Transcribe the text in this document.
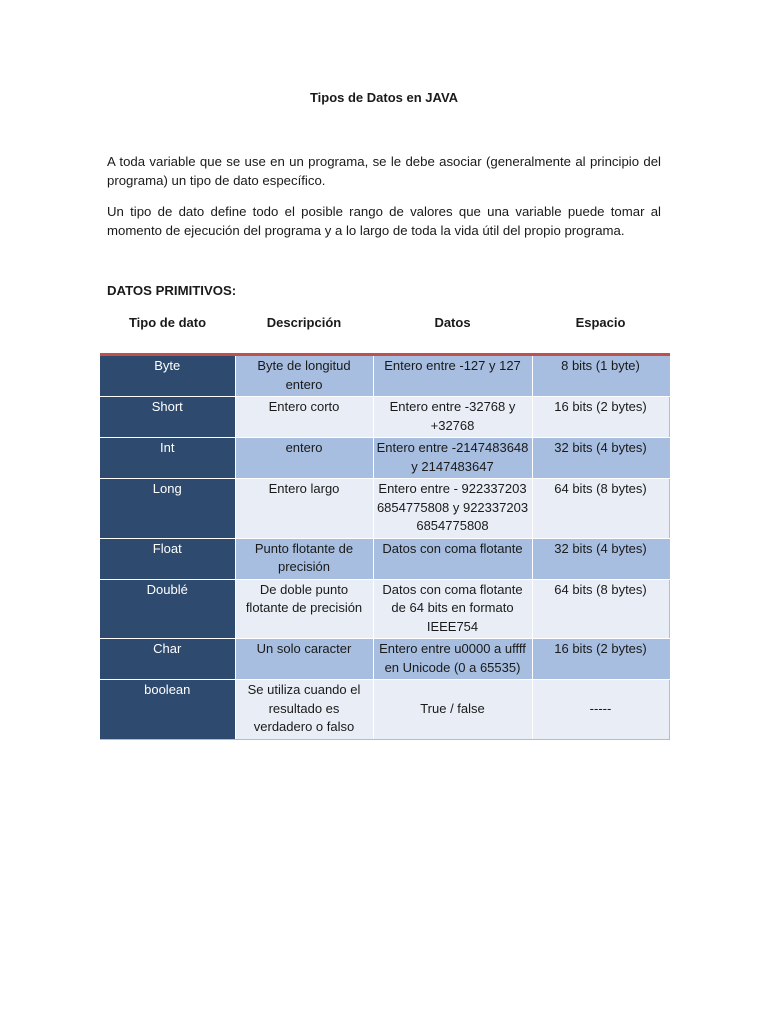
Tipos de Datos en JAVA
A toda variable que se use en un programa, se le debe asociar (generalmente al principio del programa) un tipo de dato específico.
Un tipo de dato define todo el posible rango de valores que una variable puede tomar al momento de ejecución del programa y a lo largo de toda la vida útil del propio programa.
DATOS PRIMITIVOS:
Tipo de dato	Descripción	Datos	Espacio
Byte	Byte de longitud entero	Entero entre -127 y 127	8 bits (1 byte)
Short	Entero corto	Entero entre -32768 y +32768	16 bits (2 bytes)
Int	entero	Entero entre -2147483648 y 2147483647	32 bits (4 bytes)
Long	Entero largo	Entero entre - 9223372036854775808 y 9223372036854775808	64 bits (8 bytes)
Float	Punto flotante de precisión	Datos con coma flotante	32 bits (4 bytes)
Doublé	De doble punto flotante de precisión	Datos con coma flotante de 64 bits en formato IEEE754	64 bits (8 bytes)
Char	Un solo caracter	Entero entre u0000 a uffff en Unicode (0 a 65535)	16 bits (2 bytes)
boolean	Se utiliza cuando el resultado es verdadero o falso	True / false	-----
